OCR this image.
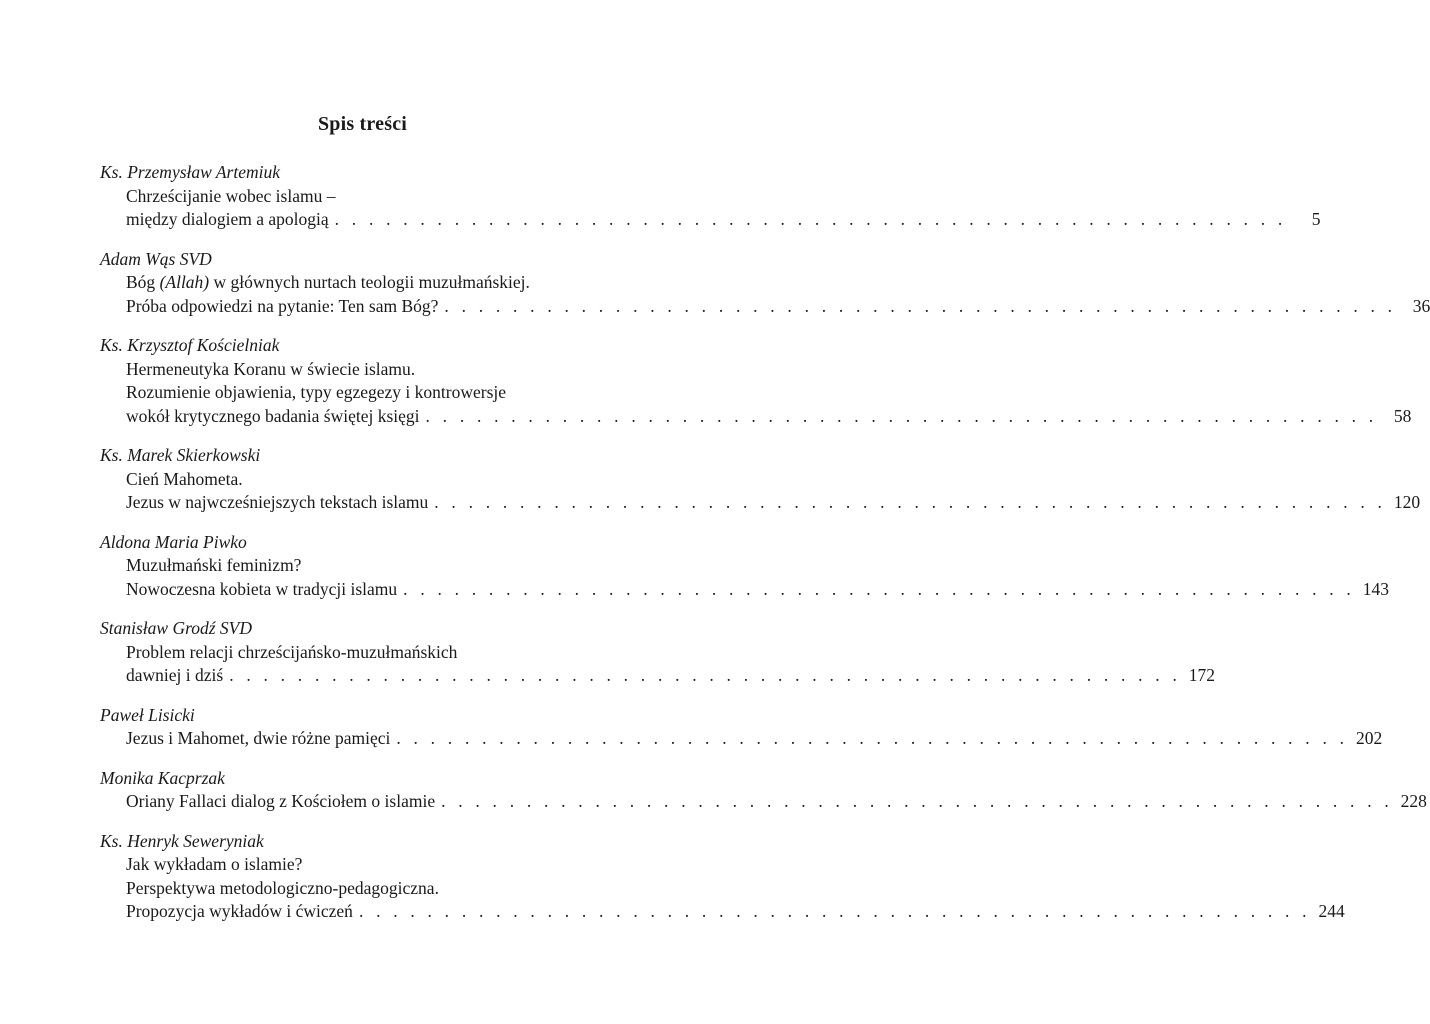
Spis treści
Ks. Przemysław Artemiuk
Chrześcijanie wobec islamu –
między dialogiem a apologią . . . . . . . . . . . . . . . . . . . . . . . . . . . . . . . . . . . . . . . . . . . . . . . . . . . . . . . .	5
Adam Wąs SVD
Bóg (Allah) w głównych nurtach teologii muzułmańskiej.
Próba odpowiedzi na pytanie: Ten sam Bóg? . . . . . . . . . . . . . . . . . . . . . . . . . . . . . . . . . . . . . . . . . . . . . . . . . . . . . . . . 36
Ks. Krzysztof Kościelniak
Hermeneutyka Koranu w świecie islamu.
Rozumienie objawienia, typy egzegezy i kontrowersje
wokół krytycznego badania świętej księgi . . . . . . . . . . . . . . . . . . . . . . . . . . . . . . . . . . . . . . . . . . . . . . . . . . . . . . . . 58
Ks. Marek Skierkowski
Cień Mahometa.
Jezus w najwcześniejszych tekstach islamu . . . . . . . . . . . . . . . . . . . . . . . . . . . . . . . . . . . . . . . . . . . . . . . . . . . . . . . . 120
Aldona Maria Piwko
Muzułmański feminizm?
Nowoczesna kobieta w tradycji islamu . . . . . . . . . . . . . . . . . . . . . . . . . . . . . . . . . . . . . . . . . . . . . . . . . . . . . . . . 143
Stanisław Grodź SVD
Problem relacji chrześcijańsko-muzułmańskich
dawniej i dziś . . . . . . . . . . . . . . . . . . . . . . . . . . . . . . . . . . . . . . . . . . . . . . . . . . . . . . . . 172
Paweł Lisicki
Jezus i Mahomet, dwie różne pamięci . . . . . . . . . . . . . . . . . . . . . . . . . . . . . . . . . . . . . . . . . . . . . . . . . . . . . . . . 202
Monika Kacprzak
Oriany Fallaci dialog z Kościołem o islamie . . . . . . . . . . . . . . . . . . . . . . . . . . . . . . . . . . . . . . . . . . . . . . . . . . . . . . . . 228
Ks. Henryk Seweryniak
Jak wykładam o islamie?
Perspektywa metodologiczno-pedagogiczna.
Propozycja wykładów i ćwiczeń . . . . . . . . . . . . . . . . . . . . . . . . . . . . . . . . . . . . . . . . . . . . . . . . . . . . . . . . 244
